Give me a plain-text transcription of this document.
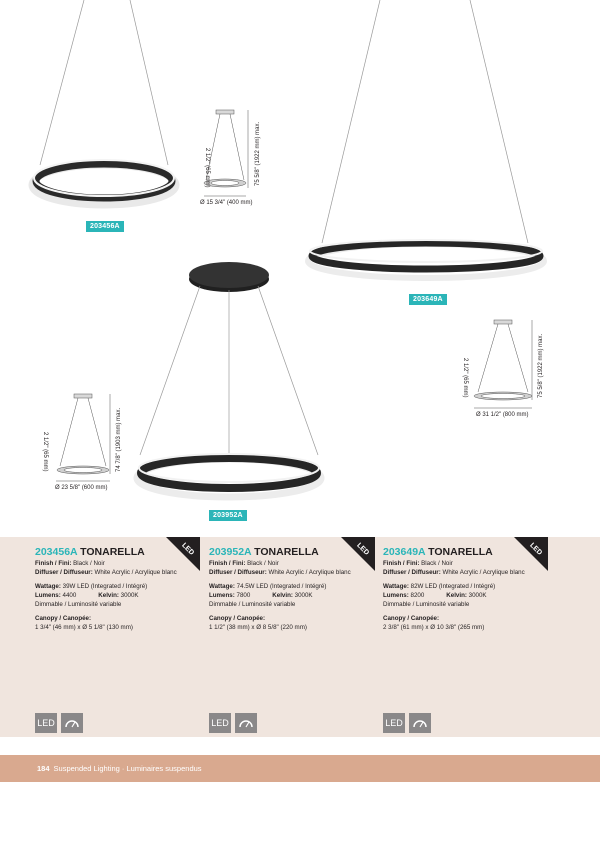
203456A
203649A
203952A
Ø 15 3/4" (400 mm)
75 5/8" (1922 mm) max.
2 1/2" (65 mm)
Ø 23 5/8" (600 mm)
74 7/8" (1903 mm) max.
2 1/2" (65 mm)
Ø 31 1/2" (800 mm)
75 5/8" (1922 mm) max.
2 1/2" (65 mm)
LED	LED	LED
203456A TONARELLA
Finish / Fini: Black / Noir
Diffuser / Diffuseur: White Acrylic / Acrylique blanc
Wattage: 39W LED (Integrated / Intégré)
Lumens: 4400	Kelvin: 3000K
Dimmable / Luminosité variable
Canopy / Canopée:
1 3/4" (46 mm) x Ø 5 1/8" (130 mm)
203952A TONARELLA
Finish / Fini: Black / Noir
Diffuser / Diffuseur: White Acrylic / Acrylique blanc
Wattage: 74.5W LED (Integrated / Intégré)
Lumens: 7800	Kelvin: 3000K
Dimmable / Luminosité variable
Canopy / Canopée:
1 1/2" (38 mm) x Ø 8 5/8" (220 mm)
203649A TONARELLA
Finish / Fini: Black / Noir
Diffuser / Diffuseur: White Acrylic / Acrylique blanc
Wattage: 82W LED (Integrated / Intégré)
Lumens: 8200	Kelvin: 3000K
Dimmable / Luminosité variable
Canopy / Canopée:
2 3/8" (61 mm) x Ø 10 3/8" (265 mm)
LED	LED	LED
184 Suspended Lighting · Luminaires suspendus
